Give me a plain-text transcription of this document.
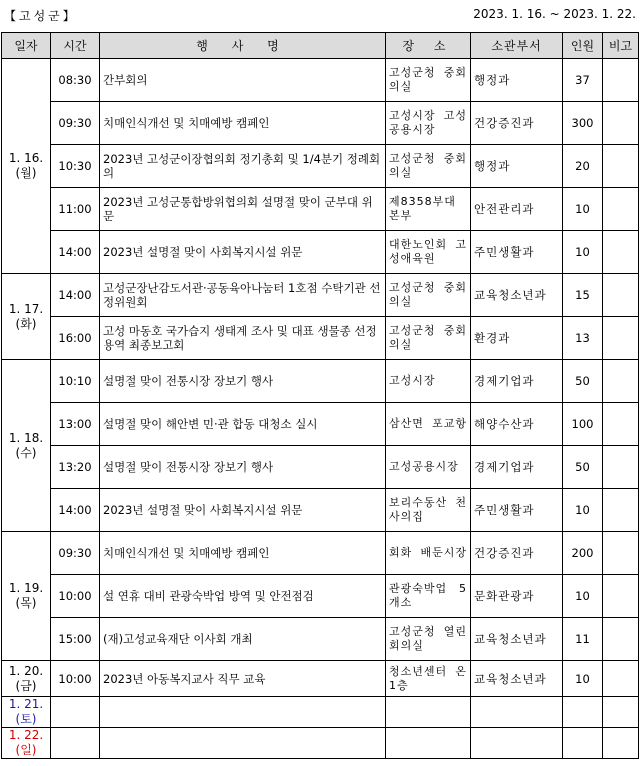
【고성군】	2023. 1. 16. ~ 2023. 1. 22.
일자	시간	행 사 명	장 소	소관부서	인원	비고

1. 16.
(월)	08:30	간부회의	고성군청 중회의실	행정과	37	
	09:30	치매인식개선 및 치매예방 캠페인	고성시장 고성공용시장	건강증진과	300	
	10:30	2023년 고성군이장협의회 정기총회 및 1/4분기 정례회의	고성군청 중회의실	행정과	20	
	11:00	2023년 고성군통합방위협의회 설명절 맞이 군부대 위문	제8358부대 본부	안전관리과	10	
	14:00	2023년 설명절 맞이 사회복지시설 위문	대한노인회 고성애육원	주민생활과	10	

1. 17.
(화)	14:00	고성군장난감도서관·공동육아나눔터 1호점 수탁기관 선정위원회	고성군청 중회의실	교육청소년과	15	
	16:00	고성 마동호 국가습지 생태계 조사 및 대표 생물종 선정 용역 최종보고회	고성군청 중회의실	환경과	13	

1. 18.
(수)	10:10	설명절 맞이 전통시장 장보기 행사	고성시장	경제기업과	50	
	13:00	설명절 맞이 해안변 민·관 합동 대청소 실시	삼산면 포교항	해양수산과	100	
	13:20	설명절 맞이 전통시장 장보기 행사	고성공용시장	경제기업과	50	
	14:00	2023년 설명절 맞이 사회복지시설 위문	보리수동산 천사의집	주민생활과	10	

1. 19.
(목)	09:30	치매인식개선 및 치매예방 캠페인	회화 배둔시장	건강증진과	200	
	10:00	설 연휴 대비 관광숙박업 방역 및 안전점검	관광숙박업 5개소	문화관광과	10	
	15:00	(재)고성교육재단 이사회 개최	고성군청 열린회의실	교육청소년과	11	

1. 20.
(금)	10:00	2023년 아동복지교사 직무 교육	청소년센터 온1층	교육청소년과	10	

1. 21.
(토)						

1. 22.
(일)						
